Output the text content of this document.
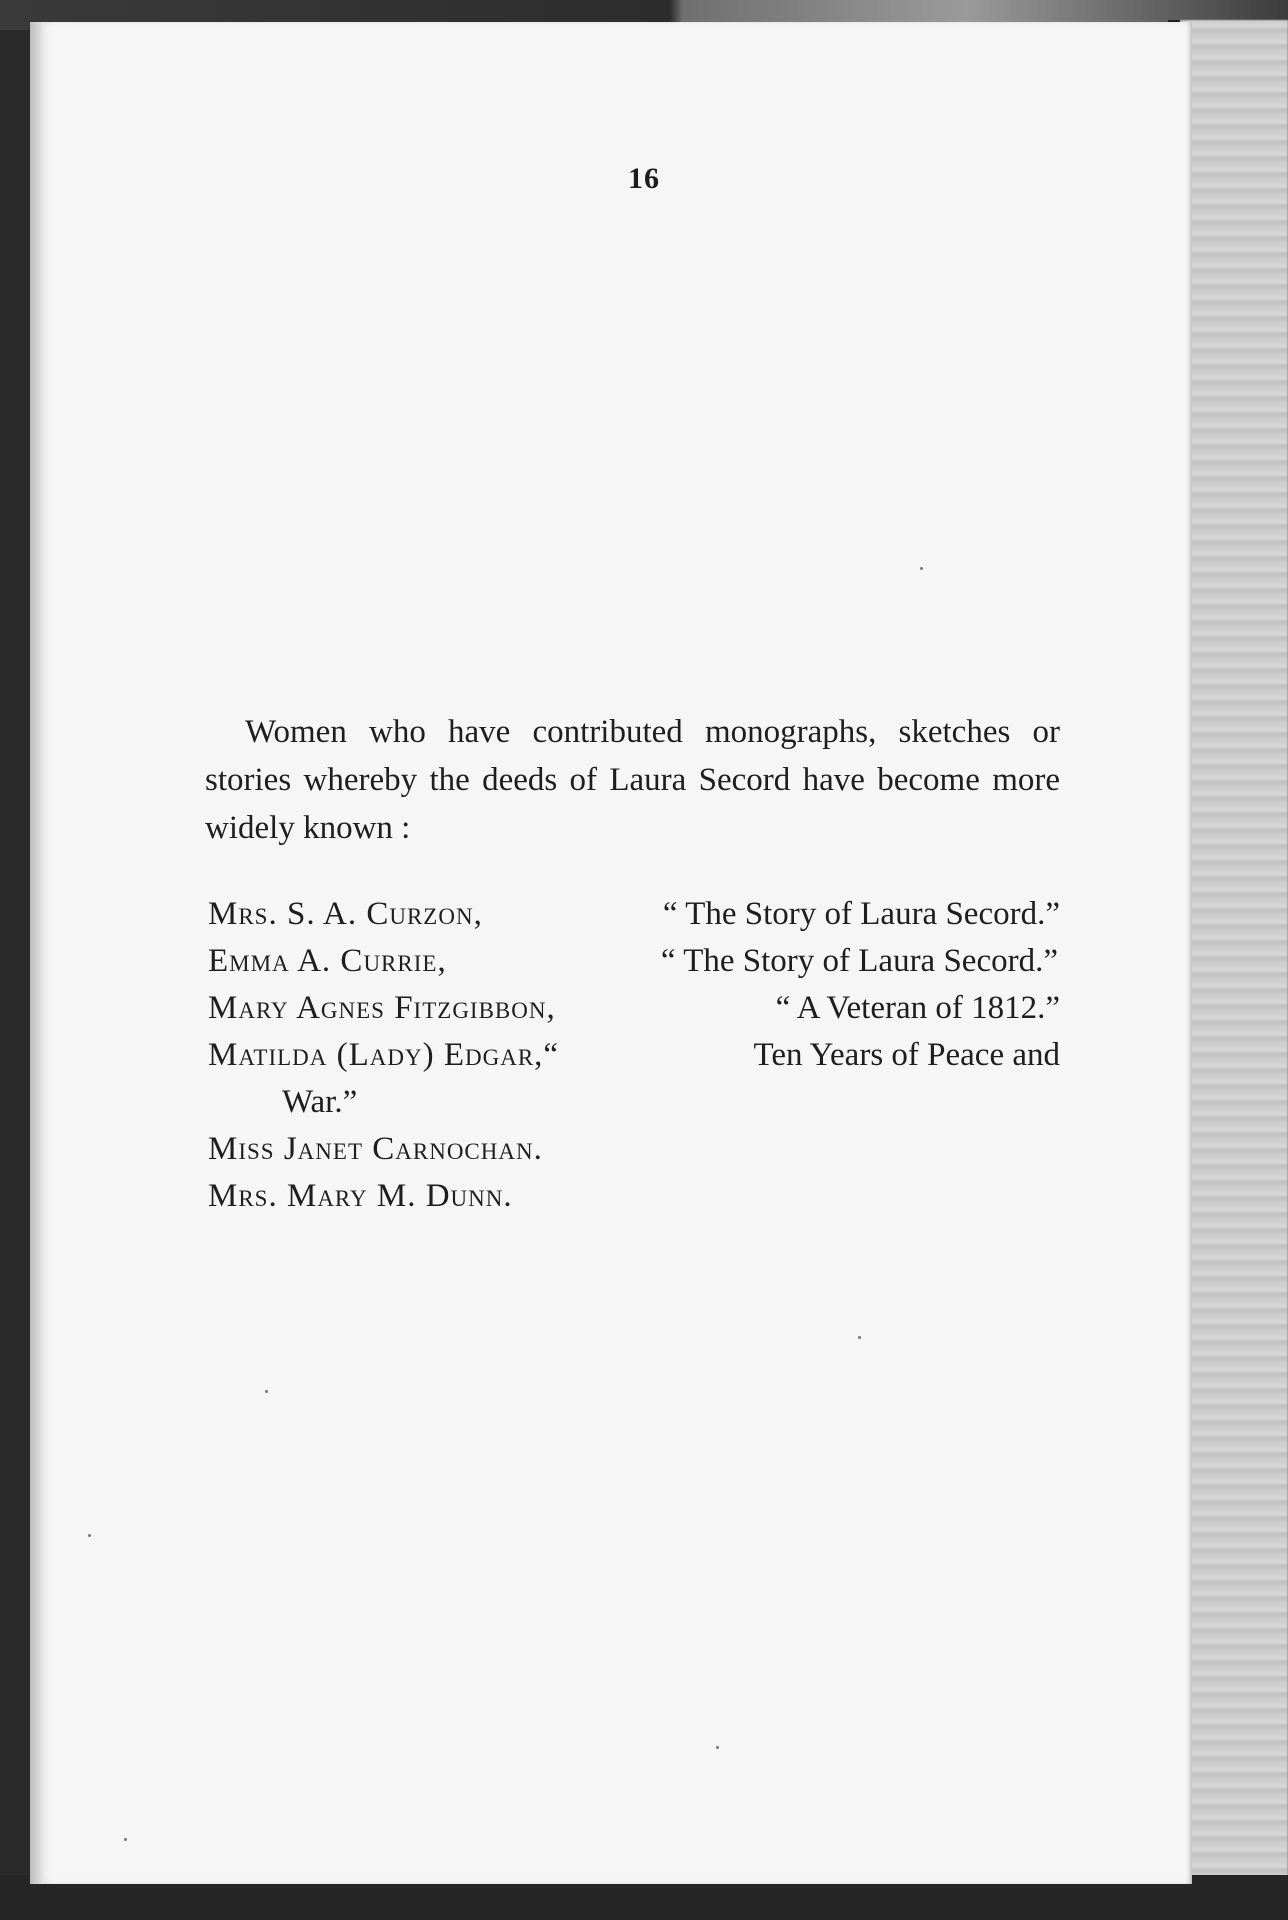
16

Women who have contributed monographs, sketches or stories whereby the deeds of Laura Secord have become more widely known :

Mrs. S. A. Curzon,	“ The Story of Laura Secord.”
Emma A. Currie,	“ The Story of Laura Secord.”
Mary Agnes Fitzgibbon,	“ A Veteran of 1812.”
Matilda (Lady) Edgar,“	Ten Years of Peace and
War.”
Miss Janet Carnochan.
Mrs. Mary M. Dunn.
